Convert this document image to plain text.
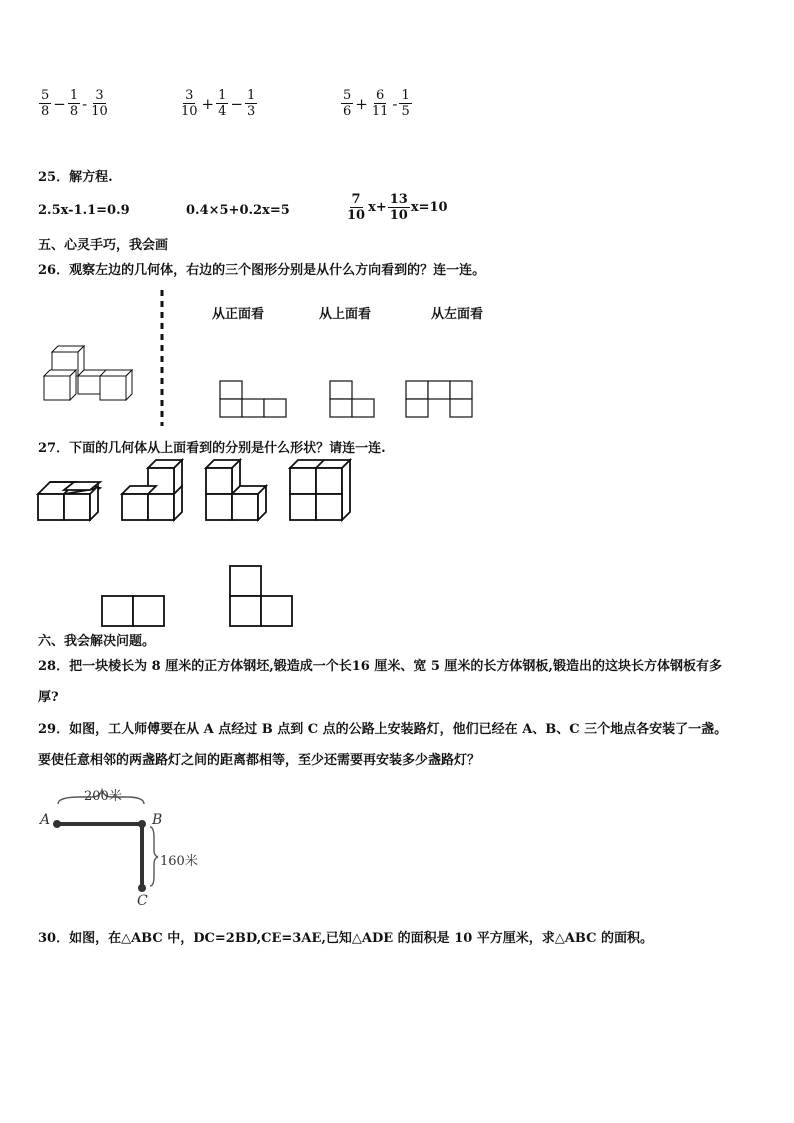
$\frac{5}{8} - \frac{1}{8} - \frac{3}{10}$	$\frac{3}{10} + \frac{1}{4} - \frac{1}{3}$	$\frac{5}{6} + \frac{6}{11} - \frac{1}{5}$
25．解方程.
2.5x-1.1=0.9	0.4×5+0.2x=5	$\frac{7}{10} x+ \frac{13}{10} x=10$
五、心灵手巧，我会画
26．观察左边的几何体，右边的三个图形分别是从什么方向看到的？连一连。
从正面看	从上面看	从左面看
27．下面的几何体从上面看到的分别是什么形状？请连一连.
六、我会解决问题。
28．把一块棱长为 8 厘米的正方体钢坯,锻造成一个长16 厘米、宽 5 厘米的长方体钢板,锻造出的这块长方体钢板有多
厚?
29．如图，工人师傅要在从 A 点经过 B 点到 C 点的公路上安装路灯，他们已经在 A、B、C 三个地点各安装了一盏。
要使任意相邻的两盏路灯之间的距离都相等，至少还需要再安装多少盏路灯？
200米
160米
A	B
C
30．如图，在△ABC 中，DC=2BD,CE=3AE,已知△ADE 的面积是 10 平方厘米，求△ABC 的面积。
